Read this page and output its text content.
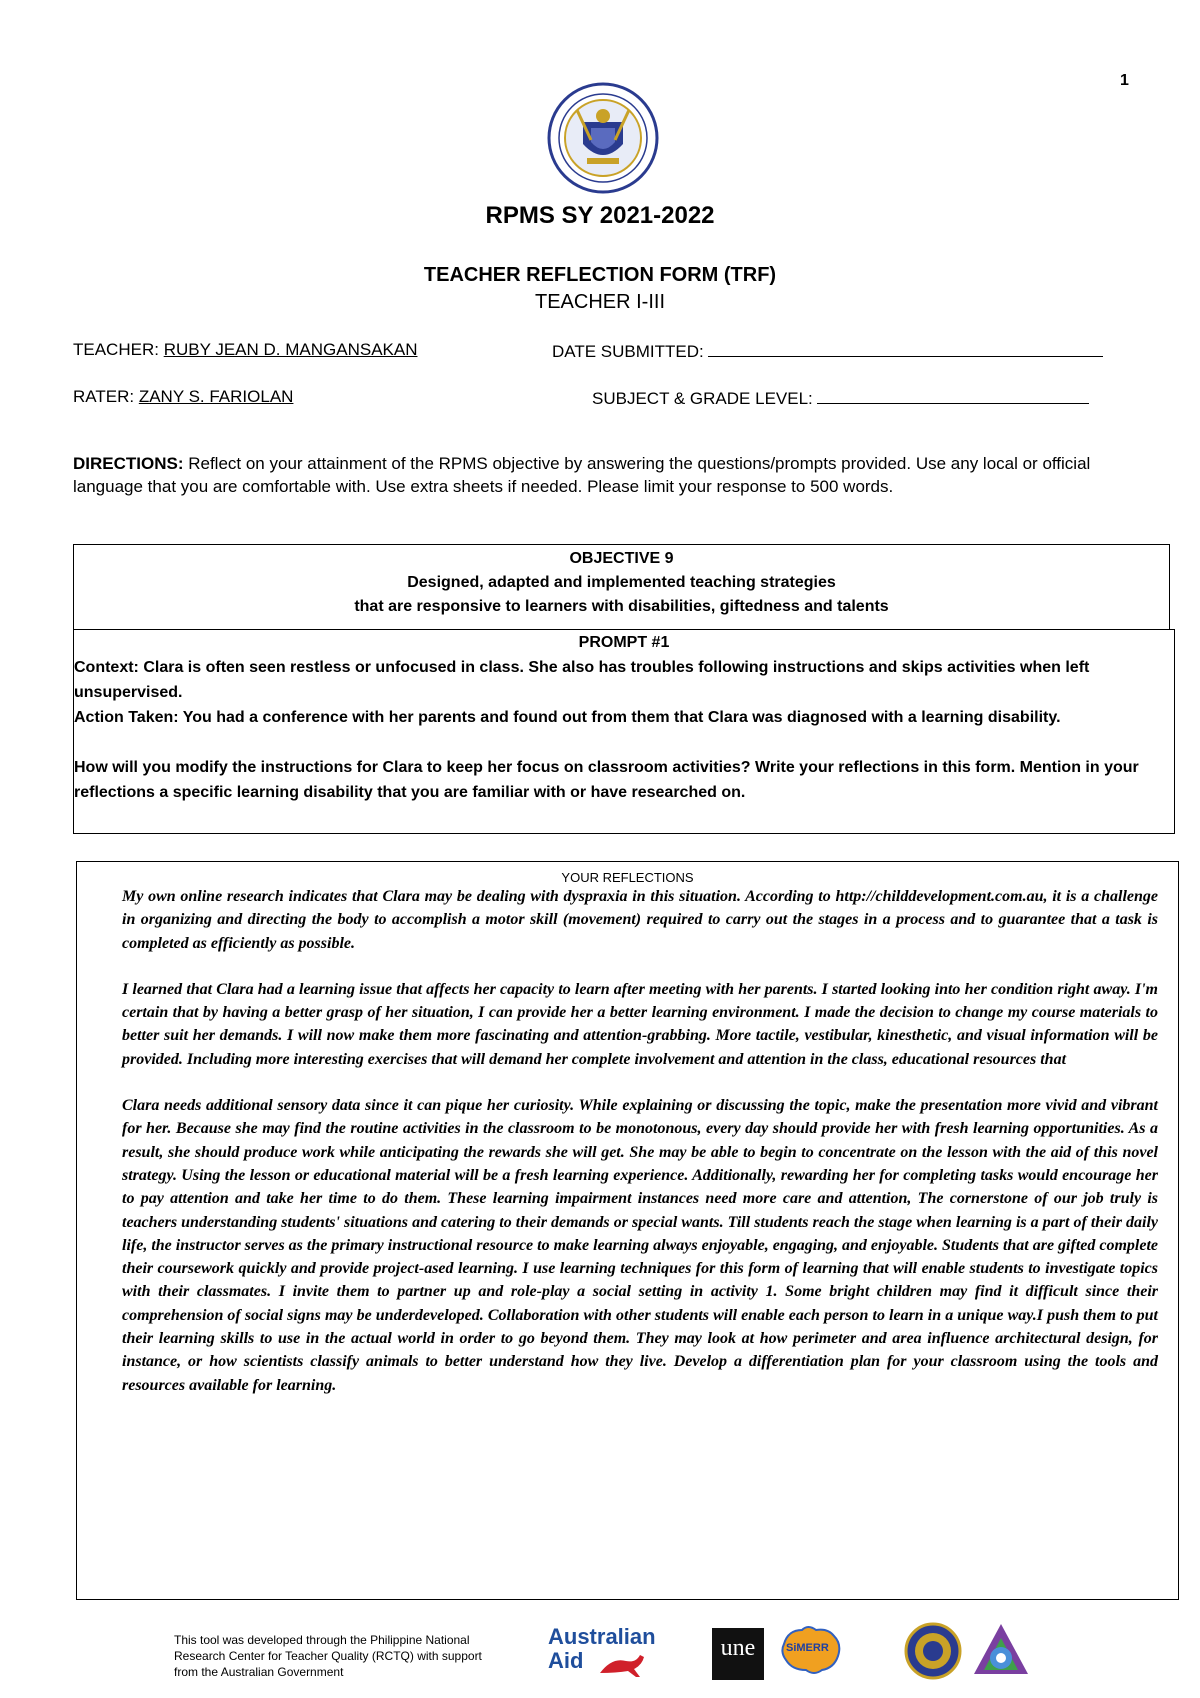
1
RPMS SY 2021-2022
TEACHER REFLECTION FORM (TRF)
TEACHER I-III
TEACHER: RUBY JEAN D. MANGANSAKAN	DATE SUBMITTED:
RATER: ZANY S. FARIOLAN	SUBJECT & GRADE LEVEL:
DIRECTIONS: Reflect on your attainment of the RPMS objective by answering the questions/prompts provided. Use any local or official language that you are comfortable with. Use extra sheets if needed. Please limit your response to 500 words.
OBJECTIVE 9
Designed, adapted and implemented teaching strategies
that are responsive to learners with disabilities, giftedness and talents
PROMPT #1

Context: Clara is often seen restless or unfocused in class. She also has troubles following instructions and skips activities when left unsupervised.

Action Taken: You had a conference with her parents and found out from them that Clara was diagnosed with a learning disability.

How will you modify the instructions for Clara to keep her focus on classroom activities? Write your reflections in this form. Mention in your reflections a specific learning disability that you are familiar with or have researched on.

YOUR REFLECTIONS

My own online research indicates that Clara may be dealing with dyspraxia in this situation. According to http://childdevelopment.com.au, it is a challenge in organizing and directing the body to accomplish a motor skill (movement) required to carry out the stages in a process and to guarantee that a task is completed as efficiently as possible.

I learned that Clara had a learning issue that affects her capacity to learn after meeting with her parents. I started looking into her condition right away. I'm certain that by having a better grasp of her situation, I can provide her a better learning environment. I made the decision to change my course materials to better suit her demands. I will now make them more fascinating and attention-grabbing. More tactile, vestibular, kinesthetic, and visual information will be provided. Including more interesting exercises that will demand her complete involvement and attention in the class, educational resources that

Clara needs additional sensory data since it can pique her curiosity. While explaining or discussing the topic, make the presentation more vivid and vibrant for her. Because she may find the routine activities in the classroom to be monotonous, every day should provide her with fresh learning opportunities. As a result, she should produce work while anticipating the rewards she will get. She may be able to begin to concentrate on the lesson with the aid of this novel strategy. Using the lesson or educational material will be a fresh learning experience. Additionally, rewarding her for completing tasks would encourage her to pay attention and take her time to do them. These learning impairment instances need more care and attention, The cornerstone of our job truly is teachers understanding students' situations and catering to their demands or special wants. Till students reach the stage when learning is a part of their daily life, the instructor serves as the primary instructional resource to make learning always enjoyable, engaging, and enjoyable. Students that are gifted complete their coursework quickly and provide project-ased learning. I use learning techniques for this form of learning that will enable students to investigate topics with their classmates. I invite them to partner up and role-play a social setting in activity 1. Some bright children may find it difficult since their comprehension of social signs may be underdeveloped. Collaboration with other students will enable each person to learn in a unique way.I push them to put their learning skills to use in the actual world in order to go beyond them. They may look at how perimeter and area influence architectural design, for instance, or how scientists classify animals to better understand how they live. Develop a differentiation plan for your classroom using the tools and resources available for learning.

This tool was developed through the Philippine National
Research Center for Teacher Quality (RCTQ) with support
from the Australian Government
Australian
Aid	une	SiMERR
